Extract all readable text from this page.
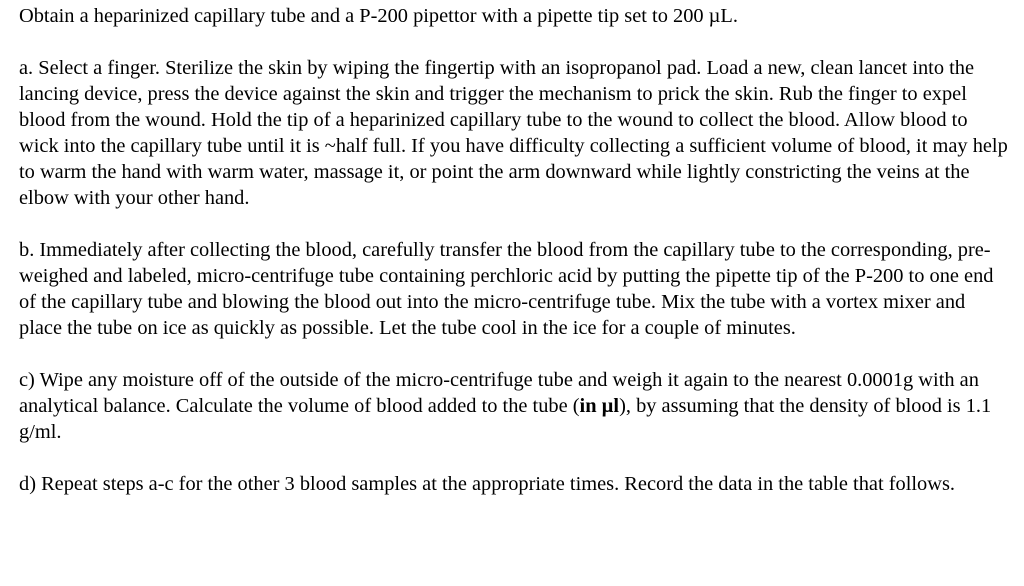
Obtain a heparinized capillary tube and a P-200 pipettor with a pipette tip set to 200 µL.

a. Select a finger. Sterilize the skin by wiping the fingertip with an isopropanol pad. Load a new, clean lancet into the lancing device, press the device against the skin and trigger the mechanism to prick the skin. Rub the finger to expel blood from the wound. Hold the tip of a heparinized capillary tube to the wound to collect the blood. Allow blood to wick into the capillary tube until it is ~half full. If you have difficulty collecting a sufficient volume of blood, it may help to warm the hand with warm water, massage it, or point the arm downward while lightly constricting the veins at the elbow with your other hand.

b. Immediately after collecting the blood, carefully transfer the blood from the capillary tube to the corresponding, pre-weighed and labeled, micro-centrifuge tube containing perchloric acid by putting the pipette tip of the P-200 to one end of the capillary tube and blowing the blood out into the micro-centrifuge tube. Mix the tube with a vortex mixer and place the tube on ice as quickly as possible. Let the tube cool in the ice for a couple of minutes.

c) Wipe any moisture off of the outside of the micro-centrifuge tube and weigh it again to the nearest 0.0001g with an analytical balance. Calculate the volume of blood added to the tube (in µl), by assuming that the density of blood is 1.1 g/ml.

d) Repeat steps a-c for the other 3 blood samples at the appropriate times. Record the data in the table that follows.
